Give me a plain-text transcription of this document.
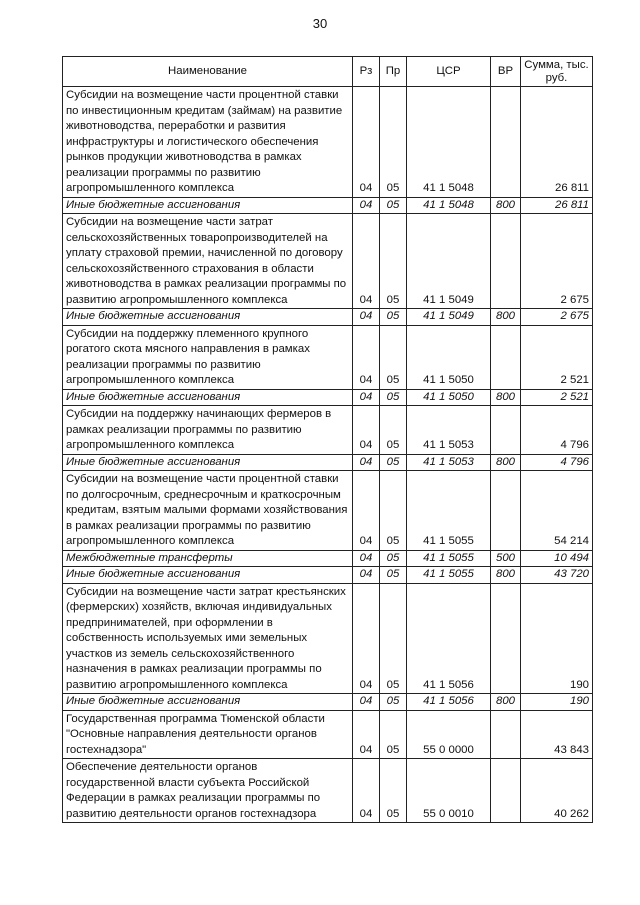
30
Наименование	Рз	Пр	ЦСР	ВР	Сумма, тыс. руб.
Субсидии на возмещение части процентной ставки по инвестиционным кредитам (займам) на развитие животноводства, переработки и развития инфраструктуры и логистического обеспечения рынков продукции животноводства в рамках реализации программы по развитию агропромышленного комплекса	04	05	41 1 5048		26 811
Иные бюджетные ассигнования	04	05	41 1 5048	800	26 811
Субсидии на возмещение части затрат сельскохозяйственных товаропроизводителей на уплату страховой премии, начисленной по договору сельскохозяйственного страхования в области животноводства в рамках реализации программы по развитию агропромышленного комплекса	04	05	41 1 5049		2 675
Иные бюджетные ассигнования	04	05	41 1 5049	800	2 675
Субсидии на поддержку племенного крупного рогатого скота мясного направления в рамках реализации программы по развитию агропромышленного комплекса	04	05	41 1 5050		2 521
Иные бюджетные ассигнования	04	05	41 1 5050	800	2 521
Субсидии на поддержку начинающих фермеров в рамках реализации программы по развитию агропромышленного комплекса	04	05	41 1 5053		4 796
Иные бюджетные ассигнования	04	05	41 1 5053	800	4 796
Субсидии на возмещение части процентной ставки по долгосрочным, среднесрочным и краткосрочным кредитам, взятым малыми формами хозяйствования в рамках реализации программы по развитию агропромышленного комплекса	04	05	41 1 5055		54 214
Межбюджетные трансферты	04	05	41 1 5055	500	10 494
Иные бюджетные ассигнования	04	05	41 1 5055	800	43 720
Субсидии на возмещение части затрат крестьянских (фермерских) хозяйств, включая индивидуальных предпринимателей, при оформлении в собственность используемых ими земельных участков из земель сельскохозяйственного назначения в рамках реализации программы по развитию агропромышленного комплекса	04	05	41 1 5056		190
Иные бюджетные ассигнования	04	05	41 1 5056	800	190
Государственная программа Тюменской области "Основные направления деятельности органов гостехнадзора"	04	05	55 0 0000		43 843
Обеспечение деятельности органов государственной власти субъекта Российской Федерации в рамках реализации программы по развитию деятельности органов гостехнадзора	04	05	55 0 0010		40 262
